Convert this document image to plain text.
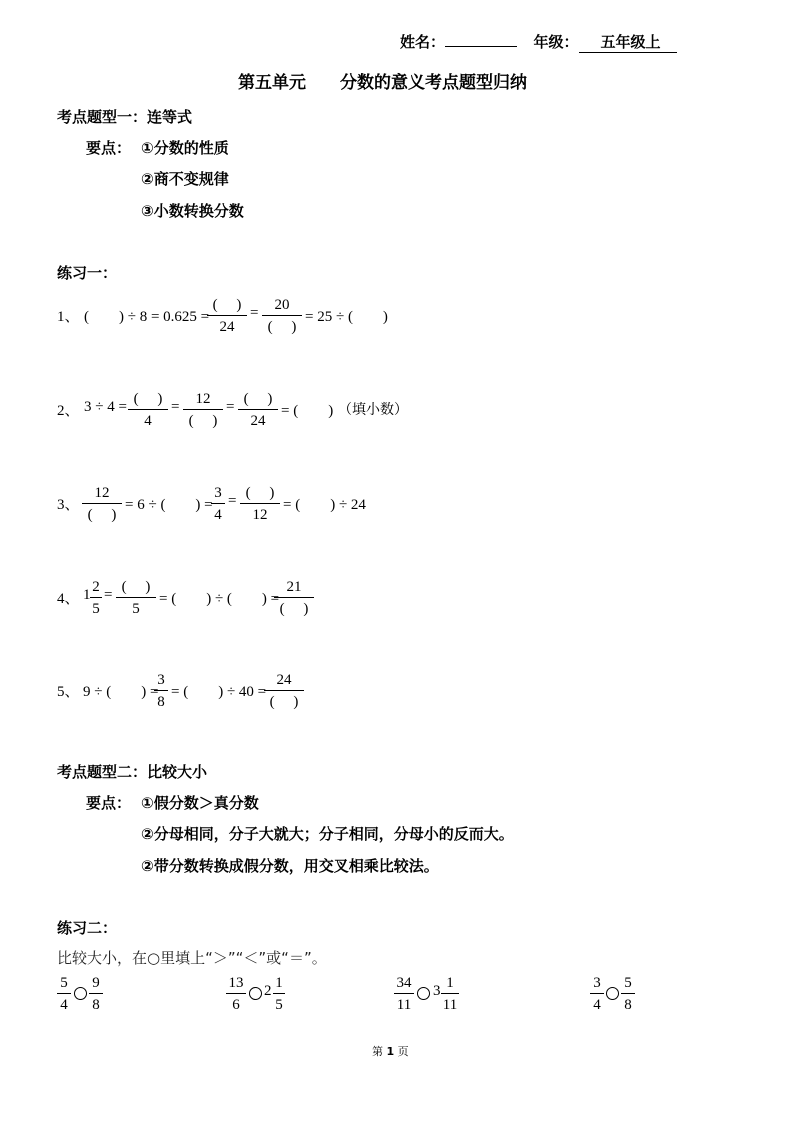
姓名：	年级： 五年级上
第五单元 分数的意义考点题型归纳
考点题型一：连等式
要点： ①分数的性质
②商不变规律
③小数转换分数
练习一：
1、 (　　) ÷ 8 = 0.625 =
(　 )
24
=	20
(　 )
= 25 ÷ (　　)
2、 3 ÷ 4 = (　 )
4
=	12
(　 )
= (　 )
24
= (　　) （填小数）
3、
12
(　 )
= 6 ÷ (　　) =
3
4
= (　 )
12
= (　　) ÷ 24
4、 1 2
5
= (　 )
5
= (　　) ÷ (　　) =
21
(　 )
5、 9 ÷ (　　) =
3
8
= (　　) ÷ 40 =
24
(　 )
考点题型二：比较大小
要点： ①假分数＞真分数
②分母相同，分子大就大；分子相同，分母小的反而大。
②带分数转换成假分数，用交叉相乘比较法。
练习二：
比较大小，在○里填上“＞”“＜”或“＝”。
5
4
9
8
13
6
2 1
5
34
11
3 1
11
3
4
5
8
第 1 页
